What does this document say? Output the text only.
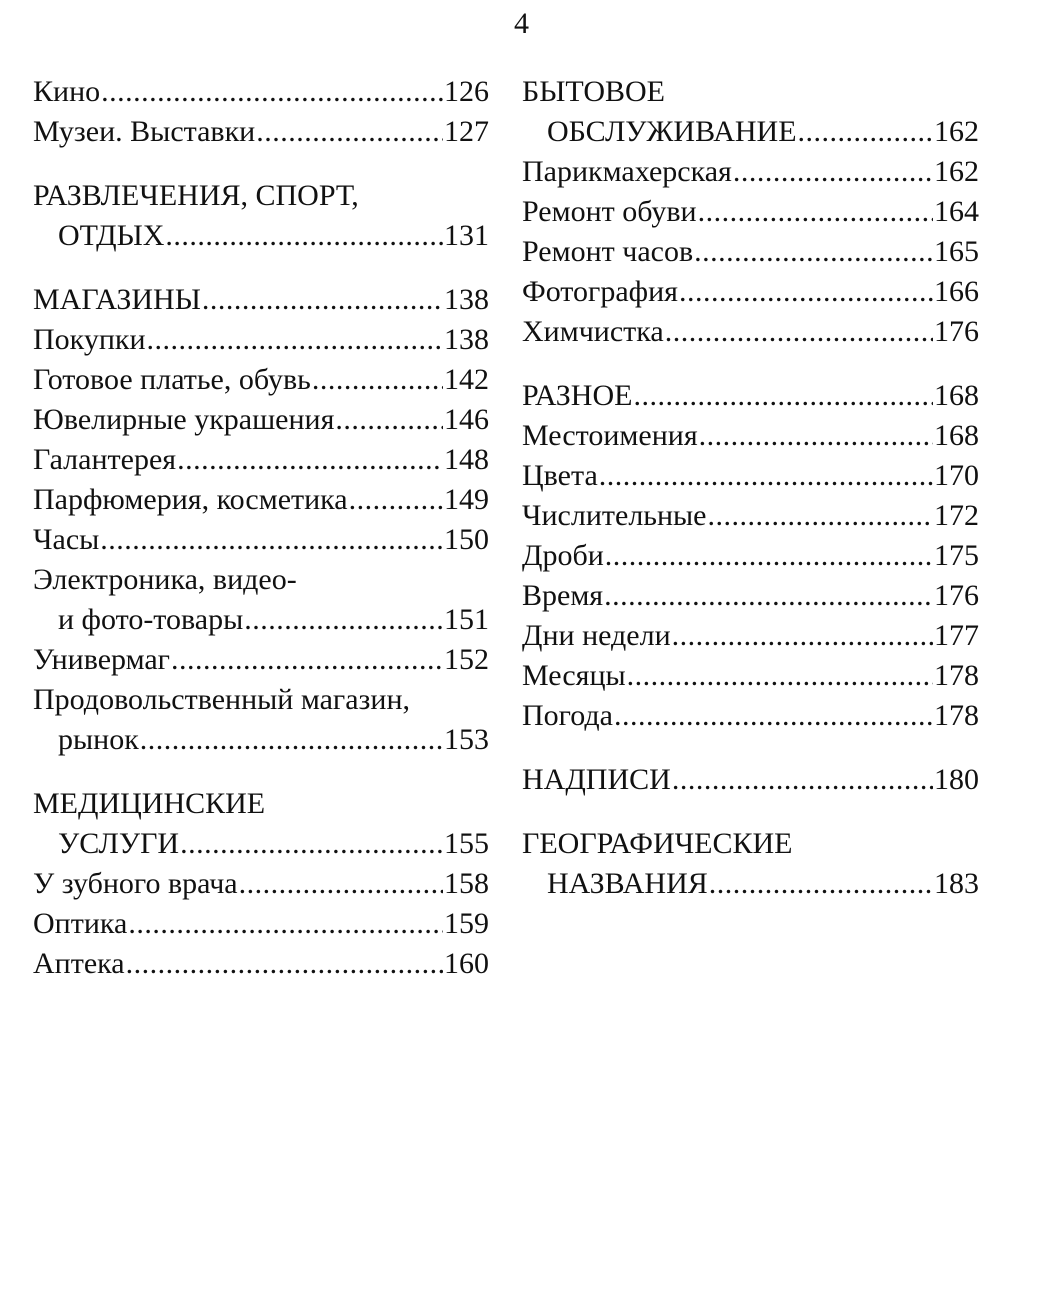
4
Кино .....	126
Музеи. Выставки .....	127
РАЗВЛЕЧЕНИЯ, СПОРТ,
ОТДЫХ .....	131
МАГАЗИНЫ .....	138
Покупки .....	138
Готовое платье, обувь .....	142
Ювелирные украшения .....	146
Галантерея .....	148
Парфюмерия, косметика .....	149
Часы .....	150
Электроника, видео-
и фото-товары .....	151
Универмаг .....	152
Продовольственный магазин,
рынок .....	153
МЕДИЦИНСКИЕ
УСЛУГИ .....	155
У зубного врача .....	158
Оптика .....	159
Аптека .....	160
БЫТОВОЕ
ОБСЛУЖИВАНИЕ .....	162
Парикмахерская .....	162
Ремонт обуви .....	164
Ремонт часов .....	165
Фотография .....	166
Химчистка .....	176
РАЗНОЕ .....	168
Местоимения .....	168
Цвета .....	170
Числительные .....	172
Дроби .....	175
Время .....	176
Дни недели .....	177
Месяцы .....	178
Погода .....	178
НАДПИСИ .....	180
ГЕОГРАФИЧЕСКИЕ
НАЗВАНИЯ .....	183
